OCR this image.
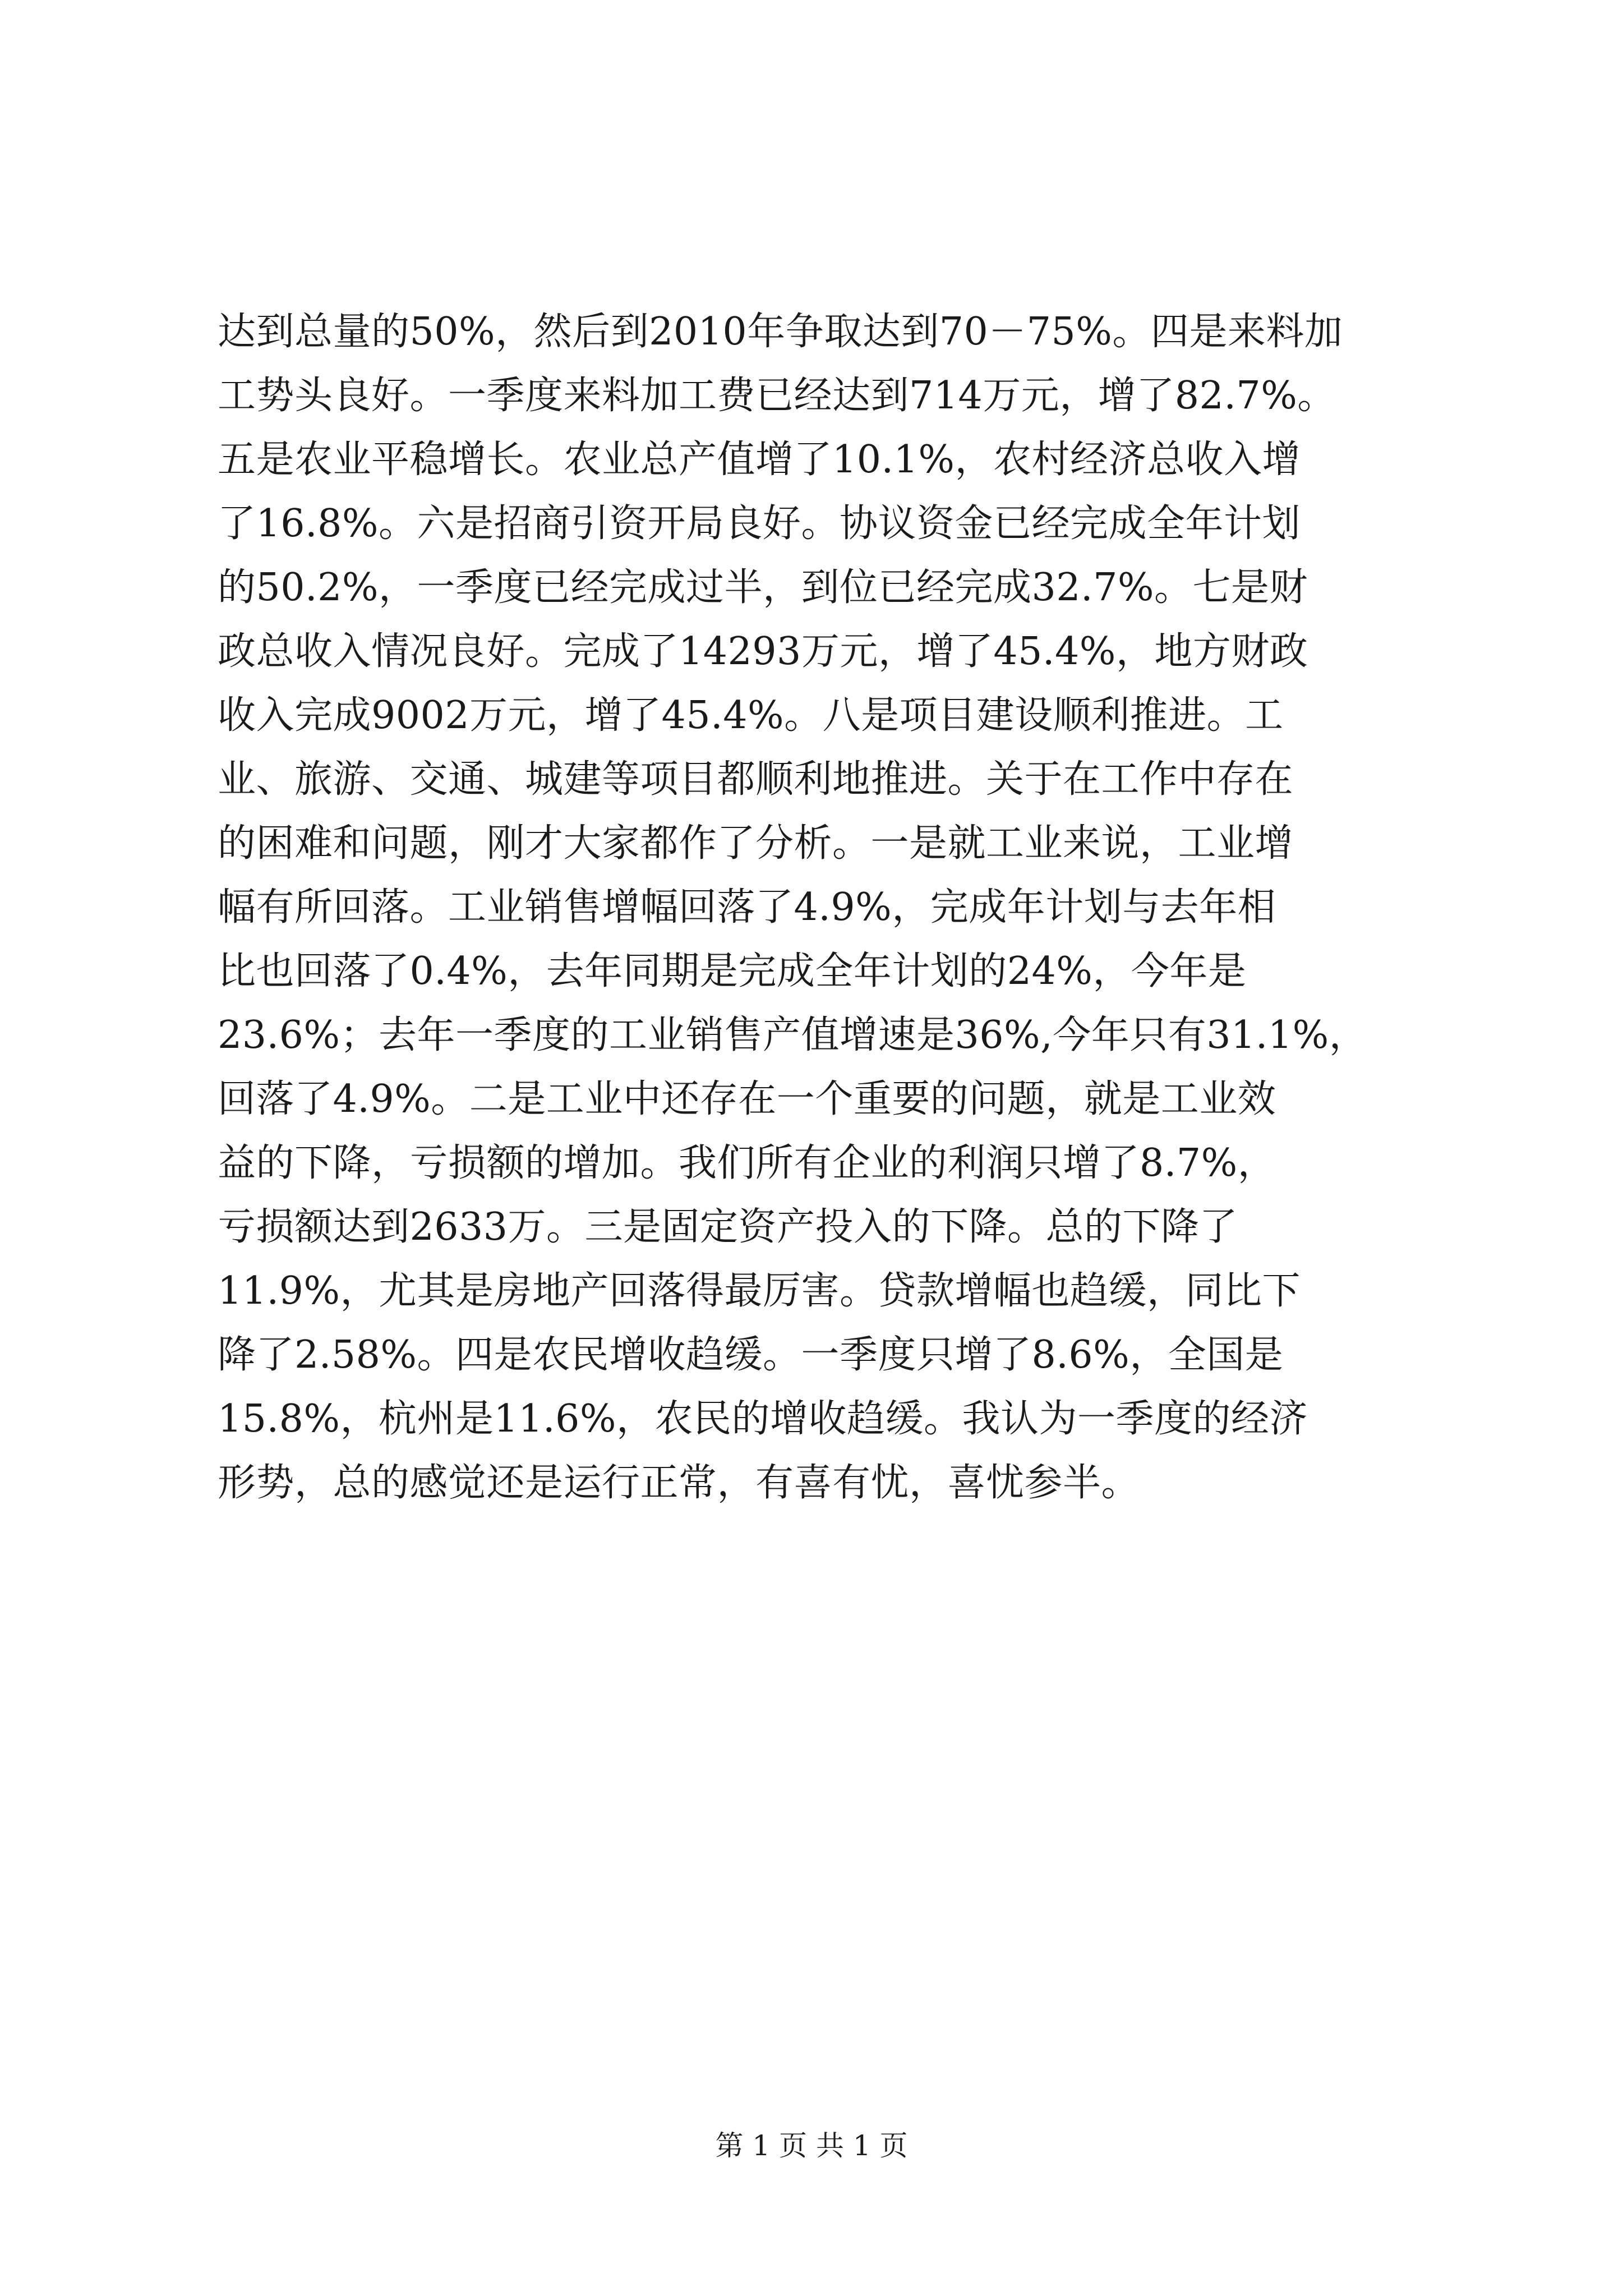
达到总量的50%，然后到2010年争取达到70－75%。四是来料加
工势头良好。一季度来料加工费已经达到714万元，增了82.7%。
五是农业平稳增长。农业总产值增了10.1%，农村经济总收入增
了16.8%。六是招商引资开局良好。协议资金已经完成全年计划
的50.2%，一季度已经完成过半，到位已经完成32.7%。七是财
政总收入情况良好。完成了14293万元，增了45.4%，地方财政
收入完成9002万元，增了45.4%。八是项目建设顺利推进。工
业、旅游、交通、城建等项目都顺利地推进。关于在工作中存在
的困难和问题，刚才大家都作了分析。一是就工业来说，工业增
幅有所回落。工业销售增幅回落了4.9%，完成年计划与去年相
比也回落了0.4%，去年同期是完成全年计划的24%，今年是
23.6%；去年一季度的工业销售产值增速是36%,今年只有31.1%，
回落了4.9%。二是工业中还存在一个重要的问题，就是工业效
益的下降，亏损额的增加。我们所有企业的利润只增了8.7%，
亏损额达到2633万。三是固定资产投入的下降。总的下降了
11.9%，尤其是房地产回落得最厉害。贷款增幅也趋缓，同比下
降了2.58%。四是农民增收趋缓。一季度只增了8.6%，全国是
15.8%，杭州是11.6%，农民的增收趋缓。我认为一季度的经济
形势，总的感觉还是运行正常，有喜有忧，喜忧参半。
第 1 页 共 1 页
